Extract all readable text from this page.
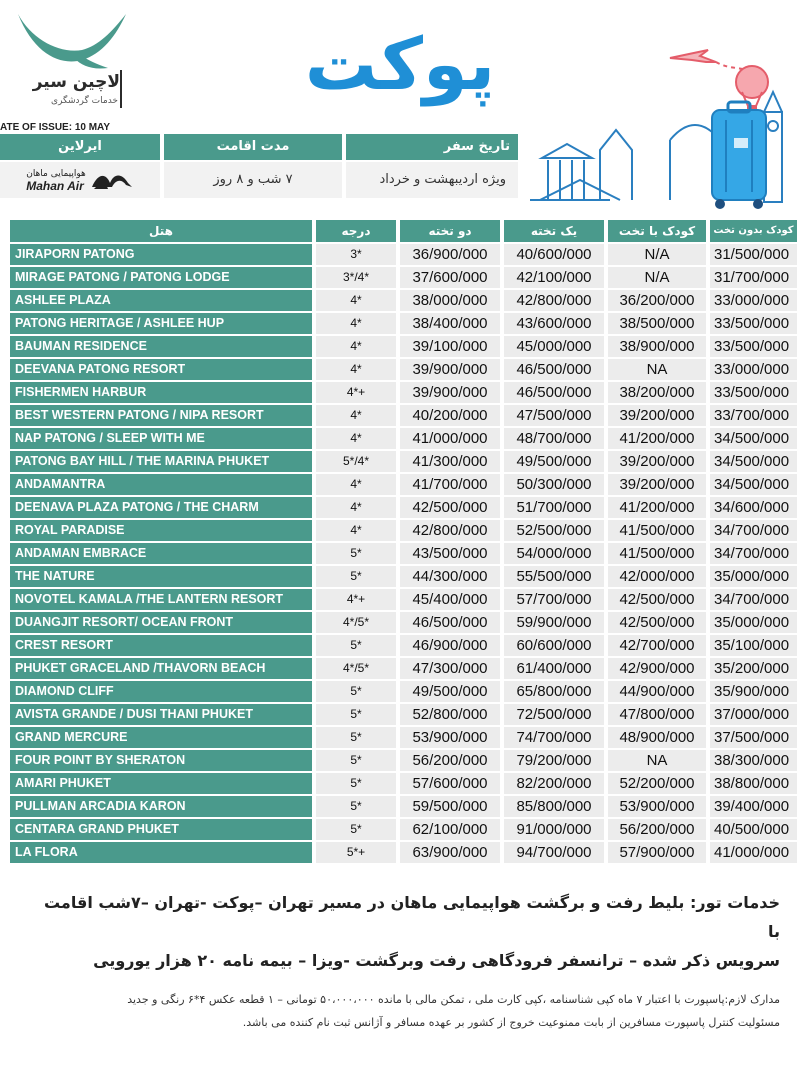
لاچین سیر
خدمات گردشگری	پوکت
ATE OF ISSUE: 10 MAY
تاریخ سفر
مدت اقامت
ایرلاین
ویژه اردیبهشت و خرداد
۷ شب و ۸ روز
هواپیمایی ماهان
Mahan Air
هتل	درجه	دو تخته	یک تخته	کودک با تخت	کودک بدون تخت
JIRAPORN PATONG	3*	36/900/000	40/600/000	N/A	31/500/000
MIRAGE PATONG / PATONG LODGE	3*/4*	37/600/000	42/100/000	N/A	31/700/000
ASHLEE PLAZA	4*	38/000/000	42/800/000	36/200/000	33/000/000
PATONG HERITAGE / ASHLEE HUP	4*	38/400/000	43/600/000	38/500/000	33/500/000
BAUMAN RESIDENCE	4*	39/100/000	45/000/000	38/900/000	33/500/000
DEEVANA PATONG RESORT	4*	39/900/000	46/500/000	NA	33/000/000
FISHERMEN HARBUR	4*+	39/900/000	46/500/000	38/200/000	33/500/000
BEST WESTERN PATONG / NIPA RESORT	4*	40/200/000	47/500/000	39/200/000	33/700/000
NAP PATONG / SLEEP WITH ME	4*	41/000/000	48/700/000	41/200/000	34/500/000
PATONG BAY HILL / THE MARINA PHUKET	5*/4*	41/300/000	49/500/000	39/200/000	34/500/000
ANDAMANTRA	4*	41/700/000	50/300/000	39/200/000	34/500/000
DEENAVA PLAZA PATONG / THE CHARM	4*	42/500/000	51/700/000	41/200/000	34/600/000
ROYAL PARADISE	4*	42/800/000	52/500/000	41/500/000	34/700/000
ANDAMAN EMBRACE	5*	43/500/000	54/000/000	41/500/000	34/700/000
THE NATURE	5*	44/300/000	55/500/000	42/000/000	35/000/000
NOVOTEL KAMALA /THE LANTERN RESORT	4*+	45/400/000	57/700/000	42/500/000	34/700/000
DUANGJIT RESORT/ OCEAN FRONT	4*/5*	46/500/000	59/900/000	42/500/000	35/000/000
CREST RESORT	5*	46/900/000	60/600/000	42/700/000	35/100/000
PHUKET GRACELAND /THAVORN BEACH	4*/5*	47/300/000	61/400/000	42/900/000	35/200/000
DIAMOND CLIFF	5*	49/500/000	65/800/000	44/900/000	35/900/000
AVISTA GRANDE / DUSI THANI PHUKET	5*	52/800/000	72/500/000	47/800/000	37/000/000
GRAND MERCURE	5*	53/900/000	74/700/000	48/900/000	37/500/000
FOUR POINT BY SHERATON	5*	56/200/000	79/200/000	NA	38/300/000
AMARI PHUKET	5*	57/600/000	82/200/000	52/200/000	38/800/000
PULLMAN ARCADIA KARON	5*	59/500/000	85/800/000	53/900/000	39/400/000
CENTARA GRAND PHUKET	5*	62/100/000	91/000/000	56/200/000	40/500/000
LA FLORA	5*+	63/900/000	94/700/000	57/900/000	41/000/000
خدمات تور: بلیط رفت و برگشت هواپیمایی ماهان در مسیر تهران –پوکت -تهران –۷شب اقامت با
سرویس ذکر شده – ترانسفر فرودگاهی رفت وبرگشت -ویزا – بیمه نامه ۲۰ هزار یورویی
مدارک لازم:پاسپورت با اعتبار ۷ ماه کپی شناسنامه ،کپی کارت ملی ، تمکن مالی با مانده ۵۰،۰۰۰،۰۰۰ تومانی – ۱ قطعه عکس ۴*۶ رنگی و جدید
مسئولیت کنترل پاسپورت مسافرین از بابت ممنوعیت خروج از کشور بر عهده مسافر و آژانس ثبت نام کننده می باشد.
